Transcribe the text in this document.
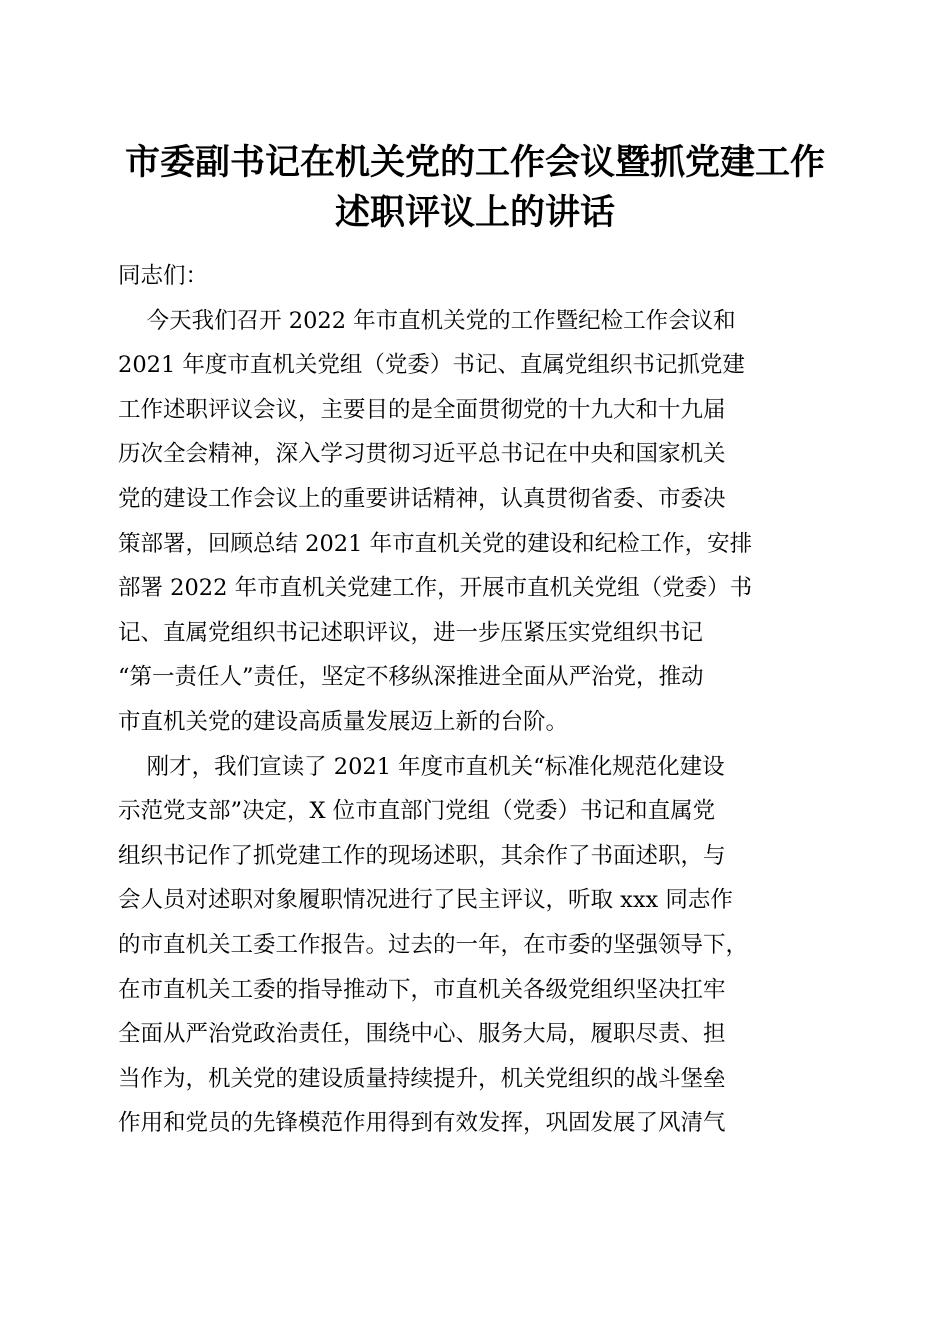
市委副书记在机关党的工作会议暨抓党建工作
述职评议上的讲话
同志们：
今天我们召开 2022 年市直机关党的工作暨纪检工作会议和
2021 年度市直机关党组（党委）书记、直属党组织书记抓党建
工作述职评议会议，主要目的是全面贯彻党的十九大和十九届
历次全会精神，深入学习贯彻习近平总书记在中央和国家机关
党的建设工作会议上的重要讲话精神，认真贯彻省委、市委决
策部署，回顾总结 2021 年市直机关党的建设和纪检工作，安排
部署 2022 年市直机关党建工作，开展市直机关党组（党委）书
记、直属党组织书记述职评议，进一步压紧压实党组织书记
“第一责任人”责任，坚定不移纵深推进全面从严治党，推动
市直机关党的建设高质量发展迈上新的台阶。
刚才，我们宣读了 2021 年度市直机关“标准化规范化建设
示范党支部”决定，X 位市直部门党组（党委）书记和直属党
组织书记作了抓党建工作的现场述职，其余作了书面述职，与
会人员对述职对象履职情况进行了民主评议，听取 xxx 同志作
的市直机关工委工作报告。过去的一年，在市委的坚强领导下，
在市直机关工委的指导推动下，市直机关各级党组织坚决扛牢
全面从严治党政治责任，围绕中心、服务大局，履职尽责、担
当作为，机关党的建设质量持续提升，机关党组织的战斗堡垒
作用和党员的先锋模范作用得到有效发挥，巩固发展了风清气
